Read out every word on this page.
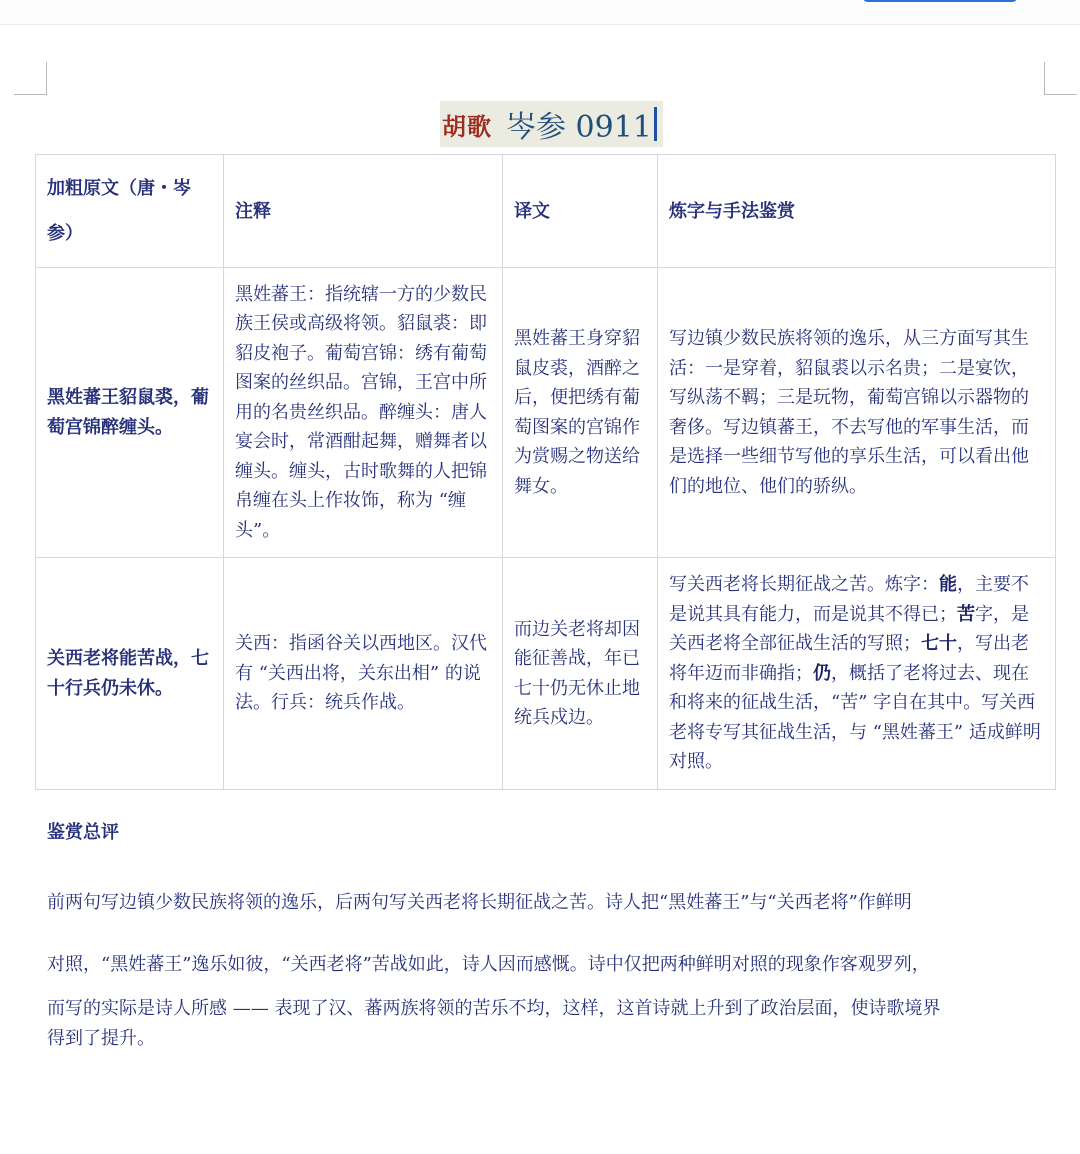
胡歌 岑参 0911
加粗原文（唐・岑参）	注释	译文	炼字与手法鉴赏
黑姓蕃王貂鼠裘，葡萄宫锦醉缠头。	黑姓蕃王：指统辖一方的少数民族王侯或高级将领。貂鼠裘：即貂皮袍子。葡萄宫锦：绣有葡萄图案的丝织品。宫锦，王宫中所用的名贵丝织品。醉缠头：唐人宴会时，常酒酣起舞，赠舞者以缠头。缠头，古时歌舞的人把锦帛缠在头上作妆饰，称为 “缠头”。	黑姓蕃王身穿貂鼠皮裘，酒醉之后，便把绣有葡萄图案的宫锦作为赏赐之物送给舞女。	写边镇少数民族将领的逸乐，从三方面写其生活：一是穿着，貂鼠裘以示名贵；二是宴饮，写纵荡不羁；三是玩物，葡萄宫锦以示器物的奢侈。写边镇蕃王，不去写他的军事生活，而是选择一些细节写他的享乐生活，可以看出他们的地位、他们的骄纵。
关西老将能苦战，七十行兵仍未休。	关西：指函谷关以西地区。汉代有 “关西出将，关东出相” 的说法。行兵：统兵作战。	而边关老将却因能征善战，年已七十仍无休止地统兵戍边。	写关西老将长期征战之苦。炼字：能，主要不是说其具有能力，而是说其不得已；苦字，是关西老将全部征战生活的写照；七十，写出老将年迈而非确指；仍，概括了老将过去、现在和将来的征战生活，“苦” 字自在其中。写关西老将专写其征战生活，与 “黑姓蕃王” 适成鲜明对照。
鉴赏总评
前两句写边镇少数民族将领的逸乐，后两句写关西老将长期征战之苦。诗人把“黑姓蕃王”与“关西老将”作鲜明
对照，“黑姓蕃王”逸乐如彼，“关西老将”苦战如此，诗人因而感慨。诗中仅把两种鲜明对照的现象作客观罗列，
而写的实际是诗人所感 —— 表现了汉、蕃两族将领的苦乐不均，这样，这首诗就上升到了政治层面，使诗歌境界
得到了提升。
